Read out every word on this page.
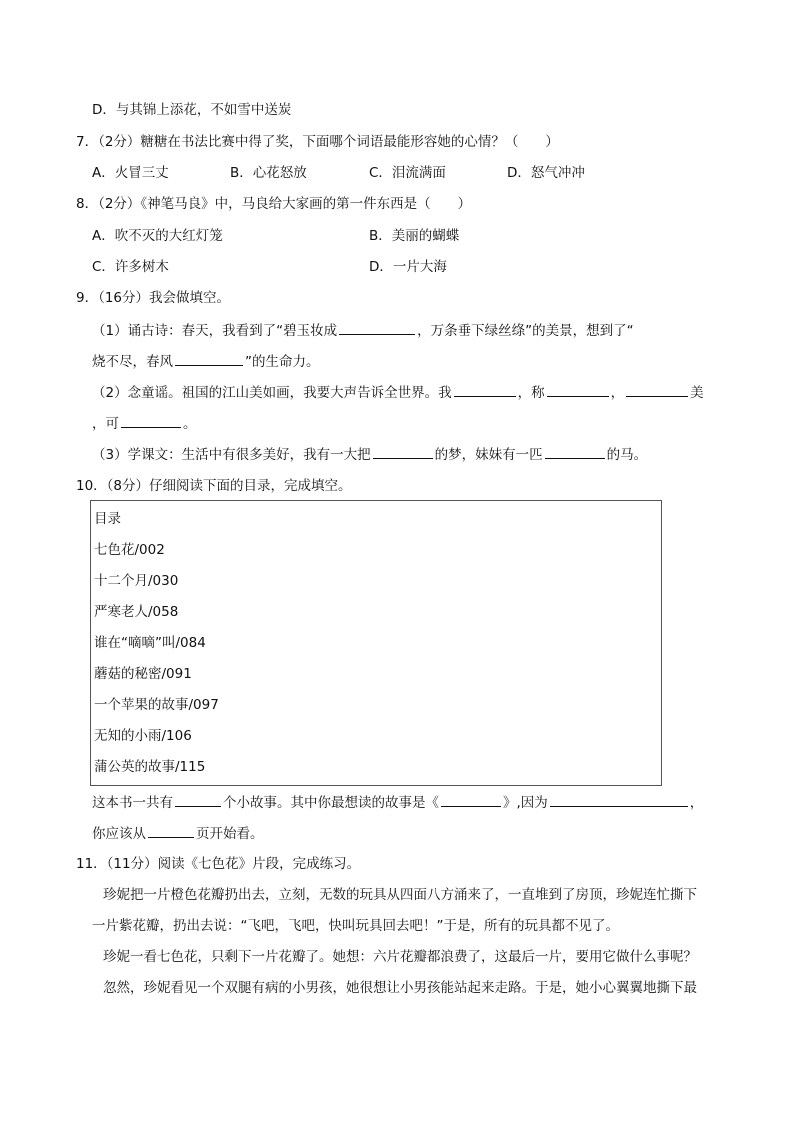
D．与其锦上添花，不如雪中送炭
7．（2分）糖糖在书法比赛中得了奖，下面哪个词语最能形容她的心情？（　　）
A．火冒三丈	B．心花怒放	C．泪流满面	D．怒气冲冲
8．（2分）《神笔马良》中，马良给大家画的第一件东西是（　　）
A．吹不灭的大红灯笼	B．美丽的蝴蝶
C．许多树木	D．一片大海
9．（16分）我会做填空。
（1）诵古诗：春天，我看到了“碧玉妆成	，万条垂下绿丝绦”的美景，想到了“
烧不尽，春风	”的生命力。
（2）念童谣。祖国的江山美如画，我要大声告诉全世界。我	，称	，	美
，可	。
（3）学课文：生活中有很多美好，我有一大把	的梦，妹妹有一匹	的马。
10．（8分）仔细阅读下面的目录，完成填空。
目录
七色花/002
十二个月/030
严寒老人/058
谁在“嘀嘀”叫/084
蘑菇的秘密/091
一个苹果的故事/097
无知的小雨/106
蒲公英的故事/115
这本书一共有	个小故事。其中你最想读的故事是《	》,因为	，
你应该从	页开始看。
11．（11分）阅读《七色花》片段，完成练习。
珍妮把一片橙色花瓣扔出去，立刻，无数的玩具从四面八方涌来了，一直堆到了房顶，珍妮连忙撕下
一片紫花瓣，扔出去说：“飞吧，飞吧，快叫玩具回去吧！”于是，所有的玩具都不见了。
珍妮一看七色花，只剩下一片花瓣了。她想：六片花瓣都浪费了，这最后一片，要用它做什么事呢？
忽然，珍妮看见一个双腿有病的小男孩，她很想让小男孩能站起来走路。于是，她小心翼翼地撕下最
